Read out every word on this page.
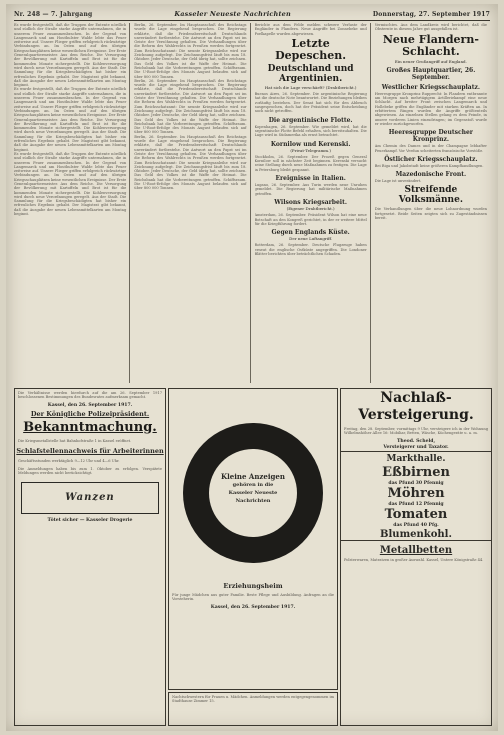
Nr. 248 — 7. Jahrgang	Kasseler Neueste Nachrichten	Donnerstag, 27. September 1917
Es wurde festgestellt, daß die Truppen der Entente nördlich und südlich der Straße starke Angriffe unternahmen, die in unserem Feuer zusammenbrachen. In der Gegend von Langemarck und am Houthulster Walde lebte das Feuer zeitweise auf. Unsere Flieger griffen erfolgreich rückwärtige Verbindungen an. Im Osten und auf den übrigen Kriegsschauplätzen keine wesentlichen Ereignisse. Der Erste Generalquartiermeister. Aus dem Reiche. Die Versorgung der Bevölkerung mit Kartoffeln und Brot ist für die kommenden Monate sichergestellt. Die Kohlenversorgung wird durch neue Verordnungen geregelt. Aus der Stadt. Die Sammlung für die Kriegsbeschädigten hat bisher ein erfreuliches Ergebnis gehabt. Der Magistrat gibt bekannt, daß die Ausgabe der neuen Lebensmittelkarten am Montag beginnt.
Es wurde festgestellt, daß die Truppen der Entente nördlich und südlich der Straße starke Angriffe unternahmen, die in unserem Feuer zusammenbrachen. In der Gegend von Langemarck und am Houthulster Walde lebte das Feuer zeitweise auf. Unsere Flieger griffen erfolgreich rückwärtige Verbindungen an. Im Osten und auf den übrigen Kriegsschauplätzen keine wesentlichen Ereignisse. Der Erste Generalquartiermeister. Aus dem Reiche. Die Versorgung der Bevölkerung mit Kartoffeln und Brot ist für die kommenden Monate sichergestellt. Die Kohlenversorgung wird durch neue Verordnungen geregelt. Aus der Stadt. Die Sammlung für die Kriegsbeschädigten hat bisher ein erfreuliches Ergebnis gehabt. Der Magistrat gibt bekannt, daß die Ausgabe der neuen Lebensmittelkarten am Montag beginnt.
Es wurde festgestellt, daß die Truppen der Entente nördlich und südlich der Straße starke Angriffe unternahmen, die in unserem Feuer zusammenbrachen. In der Gegend von Langemarck und am Houthulster Walde lebte das Feuer zeitweise auf. Unsere Flieger griffen erfolgreich rückwärtige Verbindungen an. Im Osten und auf den übrigen Kriegsschauplätzen keine wesentlichen Ereignisse. Der Erste Generalquartiermeister. Aus dem Reiche. Die Versorgung der Bevölkerung mit Kartoffeln und Brot ist für die kommenden Monate sichergestellt. Die Kohlenversorgung wird durch neue Verordnungen geregelt. Aus der Stadt. Die Sammlung für die Kriegsbeschädigten hat bisher ein erfreuliches Ergebnis gehabt. Der Magistrat gibt bekannt, daß die Ausgabe der neuen Lebensmittelkarten am Montag beginnt.
Berlin, 26. September. Im Hauptausschuß des Reichstags wurde die Lage eingehend besprochen. Die Regierung erklärte, daß die Friedensbereitschaft Deutschlands unverändert fortbestehe. Die Antwort an den Papst sei im Geiste der Versöhnung gehalten. Die Verhandlungen über die Reform des Wahlrechts in Preußen werden fortgesetzt. Zum Reichsschatzamt: Die neunte Kriegsanleihe wird zur Zeichnung aufgelegt. Die Zeichnungsfrist läuft bis zum 18. Oktober. Jeder Deutsche, der Geld übrig hat, sollte zeichnen. Das Geld des Volkes ist die Waffe der Heimat. Die Reichsbank hat die Vorbereitungen getroffen. Schiffsraum. Die U-Boot-Erfolge des Monats August belaufen sich auf über 800 000 Tonnen.
Berlin, 26. September. Im Hauptausschuß des Reichstags wurde die Lage eingehend besprochen. Die Regierung erklärte, daß die Friedensbereitschaft Deutschlands unverändert fortbestehe. Die Antwort an den Papst sei im Geiste der Versöhnung gehalten. Die Verhandlungen über die Reform des Wahlrechts in Preußen werden fortgesetzt. Zum Reichsschatzamt: Die neunte Kriegsanleihe wird zur Zeichnung aufgelegt. Die Zeichnungsfrist läuft bis zum 18. Oktober. Jeder Deutsche, der Geld übrig hat, sollte zeichnen. Das Geld des Volkes ist die Waffe der Heimat. Die Reichsbank hat die Vorbereitungen getroffen. Schiffsraum. Die U-Boot-Erfolge des Monats August belaufen sich auf über 800 000 Tonnen.
Berlin, 26. September. Im Hauptausschuß des Reichstags wurde die Lage eingehend besprochen. Die Regierung erklärte, daß die Friedensbereitschaft Deutschlands unverändert fortbestehe. Die Antwort an den Papst sei im Geiste der Versöhnung gehalten. Die Verhandlungen über die Reform des Wahlrechts in Preußen werden fortgesetzt. Zum Reichsschatzamt: Die neunte Kriegsanleihe wird zur Zeichnung aufgelegt. Die Zeichnungsfrist läuft bis zum 18. Oktober. Jeder Deutsche, der Geld übrig hat, sollte zeichnen. Das Geld des Volkes ist die Waffe der Heimat. Die Reichsbank hat die Vorbereitungen getroffen. Schiffsraum. Die U-Boot-Erfolge des Monats August belaufen sich auf über 800 000 Tonnen.
Berichte aus dem Felde melden schwere Verluste der Engländer in Flandern. Neue Angriffe bei Zonnebeke und Poelkapelle wurden abgewiesen.
Letzte Depeschen.
Deutschland und Argentinien.
Hat sich die Lage verschärft? (Drahtbericht.)
Buenos Aires, 26. September. Die argentinische Regierung hat die deutsche Note beantwortet. Die Beziehungen bleiben vorläufig bestehen. Der Senat hat sich für den Abbruch ausgesprochen, doch hat der Präsident seine Entscheidung noch nicht getroffen.
Die argentinische Flotte.
Kopenhagen, 26. September. Wie gemeldet wird, hat die argentinische Flotte Befehl erhalten, sich bereitzuhalten. Die Lage wird in Südamerika als ernst betrachtet.
Kornilow und Kerenski.
(Privat-Telegramm.)
Stockholm, 26. September. Der Prozeß gegen General Kornilow soll in nächster Zeit beginnen. Kerenski versucht seine Stellung durch neue Maßnahmen zu festigen. Die Lage in Petersburg bleibt gespannt.
Ereignisse in Italien.
Lugano, 26. September. Aus Turin werden neue Unruhen gemeldet. Die Regierung hat militärische Maßnahmen getroffen.
Wilsons Kriegsarbeit.
(Eigener Drahtbericht.)
Amsterdam, 26. September. Präsident Wilson hat eine neue Botschaft an den Kongreß gerichtet, in der er weitere Mittel für die Kriegführung fordert.
Gegen Englands Küste.
Der neue Luftangriff.
Rotterdam, 26. September. Deutsche Flugzeuge haben erneut die englische Ostküste angegriffen. Die Londoner Blätter berichten über beträchtlichen Schaden.
Vermischtes. Aus dem Landkreis wird berichtet, daß die Obsternte in diesem Jahre gut ausgefallen ist.
Neue Flandern-Schlacht.
Ein neuer Großangriff auf England.
Großes Hauptquartier, 26. September.
Westlicher Kriegsschauplatz.
Heeresgruppe Kronprinz Rupprecht: In Flandern entbrannte am Morgen nach mehrtägigem Artilleriekampf eine neue Schlacht. Auf breiter Front zwischen Langemarck und Hollebeke griffen die Engländer mit starken Kräften an. In erbittertem Ringen wurden die Angriffe größtenteils abgewiesen. An einzelnen Stellen gelang es dem Feinde, in unsere vorderen Linien einzudringen; im Gegenstoß wurde er wieder zurückgeworfen.
Heeresgruppe Deutscher Kronprinz.
Am Chemin des Dames und in der Champagne lebhafter Feuerkampf. Vor Verdun scheiterten französische Vorstöße.
Östlicher Kriegsschauplatz.
Bei Riga und Jakobstadt keine größeren Kampfhandlungen.
Mazedonische Front.
Die Lage ist unverändert.
Streifende Volksmänne.
Die Verhandlungen über die neue Lohnordnung wurden fortgesetzt. Beide Seiten zeigten sich zu Zugeständnissen bereit.
Die Verhältnisse werden hierdurch auf die am 26. September 1917 beschlossenen Bestimmungen des Bundesrates aufmerksam gemacht.
Kassel, den 26. September 1917.
Der Königliche Polizeipräsident.
Bekanntmachung.
Die Kriegsmetallstelle hat Bahnhofstraße 1 in Kassel eröffnet.
Schlafstellennachweis für Arbeiterinnen
Geschäftsstunden werktäglich 9—12 Uhr und 4—6 Uhr.
Die Anmeldungen haben bis zum 1. Oktober zu erfolgen. Verspätete Meldungen werden nicht berücksichtigt.
Wanzen
Tötet sicher — Kasseler Drogerie
Kleine Anzeigen
gehören in die
Kasseler Neueste
Nachrichten
Erziehungsheim
Für junge Mädchen aus guter Familie. Beste Pflege und Ausbildung. Anfragen an die Vorsteherin.
Kassel, den 26. September 1917.
Nachtschwestern für Frauen u. Mädchen. Anmeldungen werden entgegengenommen im Stadthause Zimmer 15.
Nachlaß-
Versteigerung.
Freitag, den 28. September, vormittags 9 Uhr, versteigere ich in der Wohnung Wilhelmshöher Allee 16: Mobiliar, Betten, Wäsche, Küchengeräte u. a. m.
Theod. Scheld,
Versteigerer und Taxator.
Markthalle.
Eßbirnen
das Pfund 30 Pfennig
Möhren
das Pfund 12 Pfennig
Tomaten
das Pfund 40 Pfg.
Blumenkohl.
Metallbetten
Polsterwaren, Matratzen in großer Auswahl. Kassel, Untere Königstraße 44.
